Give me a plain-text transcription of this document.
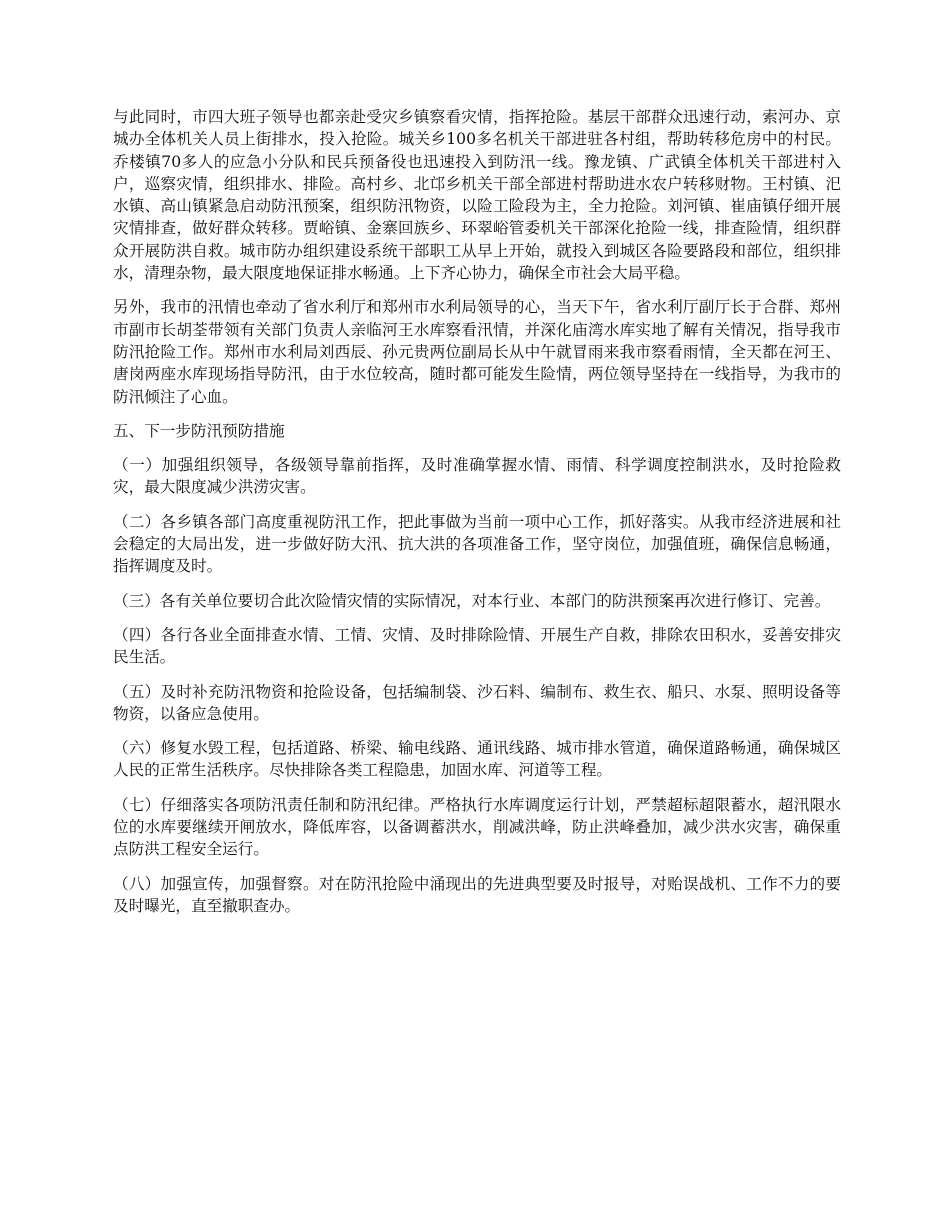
与此同时，市四大班子领导也都亲赴受灾乡镇察看灾情，指挥抢险。基层干部群众迅速行动，索河办、京城办全体机关人员上街排水，投入抢险。城关乡100多名机关干部进驻各村组，帮助转移危房中的村民。乔楼镇70多人的应急小分队和民兵预备役也迅速投入到防汛一线。豫龙镇、广武镇全体机关干部进村入户，巡察灾情，组织排水、排险。高村乡、北邙乡机关干部全部进村帮助进水农户转移财物。王村镇、汜水镇、高山镇紧急启动防汛预案，组织防汛物资，以险工险段为主，全力抢险。刘河镇、崔庙镇仔细开展灾情排查，做好群众转移。贾峪镇、金寨回族乡、环翠峪管委机关干部深化抢险一线，排查险情，组织群众开展防洪自救。城市防办组织建设系统干部职工从早上开始，就投入到城区各险要路段和部位，组织排水，清理杂物，最大限度地保证排水畅通。上下齐心协力，确保全市社会大局平稳。

另外，我市的汛情也牵动了省水利厅和郑州市水利局领导的心，当天下午，省水利厅副厅长于合群、郑州市副市长胡荃带领有关部门负责人亲临河王水库察看汛情，并深化庙湾水库实地了解有关情况，指导我市防汛抢险工作。郑州市水利局刘西辰、孙元贵两位副局长从中午就冒雨来我市察看雨情，全天都在河王、唐岗两座水库现场指导防汛，由于水位较高，随时都可能发生险情，两位领导坚持在一线指导，为我市的防汛倾注了心血。

五、下一步防汛预防措施

（一）加强组织领导，各级领导靠前指挥，及时准确掌握水情、雨情、科学调度控制洪水，及时抢险救灾，最大限度减少洪涝灾害。

（二）各乡镇各部门高度重视防汛工作，把此事做为当前一项中心工作，抓好落实。从我市经济进展和社会稳定的大局出发，进一步做好防大汛、抗大洪的各项准备工作，坚守岗位，加强值班，确保信息畅通，指挥调度及时。

（三）各有关单位要切合此次险情灾情的实际情况，对本行业、本部门的防洪预案再次进行修订、完善。

（四）各行各业全面排查水情、工情、灾情、及时排除险情、开展生产自救，排除农田积水，妥善安排灾民生活。

（五）及时补充防汛物资和抢险设备，包括编制袋、沙石料、编制布、救生衣、船只、水泵、照明设备等物资，以备应急使用。

（六）修复水毁工程，包括道路、桥梁、输电线路、通讯线路、城市排水管道，确保道路畅通，确保城区人民的正常生活秩序。尽快排除各类工程隐患，加固水库、河道等工程。

（七）仔细落实各项防汛责任制和防汛纪律。严格执行水库调度运行计划，严禁超标超限蓄水，超汛限水位的水库要继续开闸放水，降低库容，以备调蓄洪水，削减洪峰，防止洪峰叠加，减少洪水灾害，确保重点防洪工程安全运行。

（八）加强宣传，加强督察。对在防汛抢险中涌现出的先进典型要及时报导，对贻误战机、工作不力的要及时曝光，直至撤职查办。
